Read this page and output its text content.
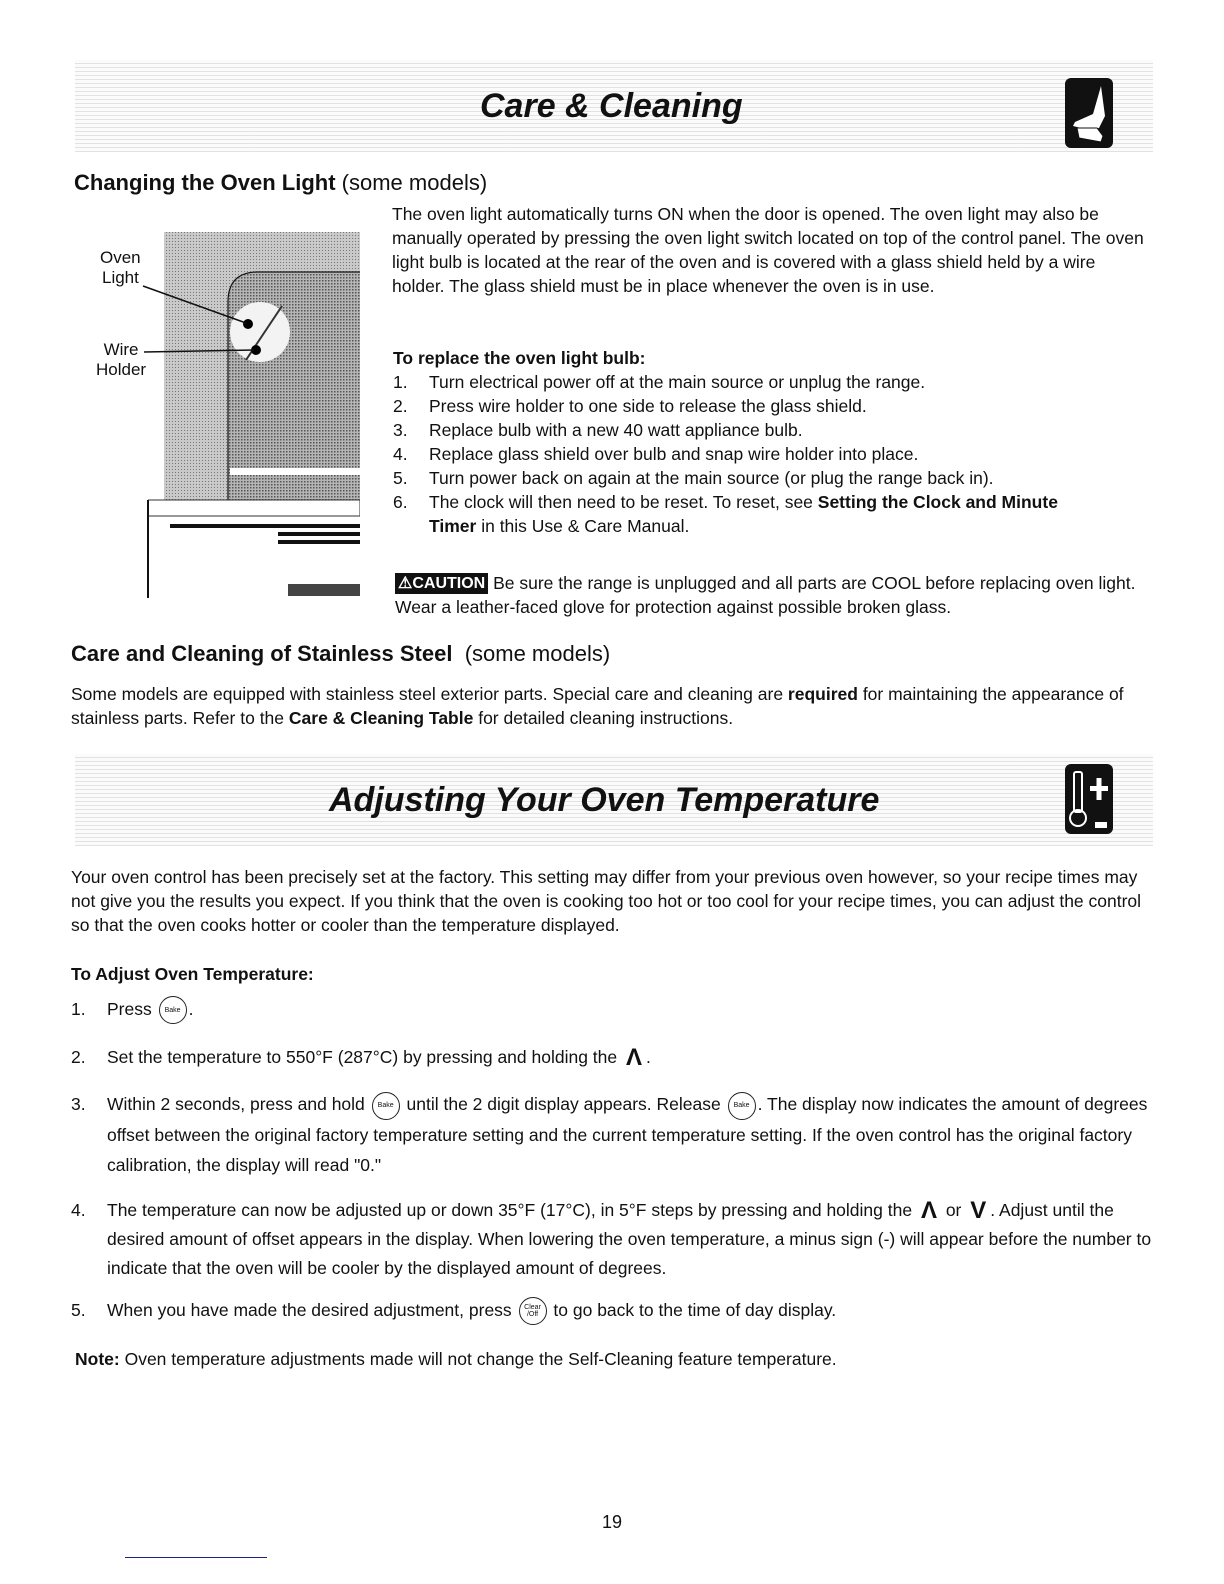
Care & Cleaning
Changing the Oven Light (some models)
Oven
Light
Wire
Holder
The oven light automatically turns ON when the door is opened. The oven light may also be manually operated by pressing the oven light switch located on top of the control panel. The oven light bulb is located at the rear of the oven and is covered with a glass shield held by a wire holder. The glass shield must be in place whenever the oven is in use.
To replace the oven light bulb:
1. Turn electrical power off at the main source or unplug the range.
2. Press wire holder to one side to release the glass shield.
3. Replace bulb with a new 40 watt appliance bulb.
4. Replace glass shield over bulb and snap wire holder into place.
5. Turn power back on again at the main source (or plug the range back in).
6. The clock will then need to be reset. To reset, see Setting the Clock and Minute Timer in this Use & Care Manual.
⚠CAUTION Be sure the range is unplugged and all parts are COOL before replacing oven light. Wear a leather-faced glove for protection against possible broken glass.
Care and Cleaning of Stainless Steel (some models)
Some models are equipped with stainless steel exterior parts. Special care and cleaning are required for maintaining the appearance of stainless parts. Refer to the Care & Cleaning Table for detailed cleaning instructions.
Adjusting Your Oven Temperature
Your oven control has been precisely set at the factory. This setting may differ from your previous oven however, so your recipe times may not give you the results you expect. If you think that the oven is cooking too hot or too cool for your recipe times, you can adjust the control so that the oven cooks hotter or cooler than the temperature displayed.
To Adjust Oven Temperature:
1. Press Bake .
2. Set the temperature to 550°F (287°C) by pressing and holding the Λ .
3. Within 2 seconds, press and hold Bake until the 2 digit display appears. Release Bake . The display now indicates the amount of degrees offset between the original factory temperature setting and the current temperature setting. If the oven control has the original factory calibration, the display will read "0."
4. The temperature can now be adjusted up or down 35°F (17°C), in 5°F steps by pressing and holding the Λ or V . Adjust until the desired amount of offset appears in the display. When lowering the oven temperature, a minus sign (-) will appear before the number to indicate that the oven will be cooler by the displayed amount of degrees.
5. When you have made the desired adjustment, press Clear /Off to go back to the time of day display.
Note: Oven temperature adjustments made will not change the Self-Cleaning feature temperature.
19
